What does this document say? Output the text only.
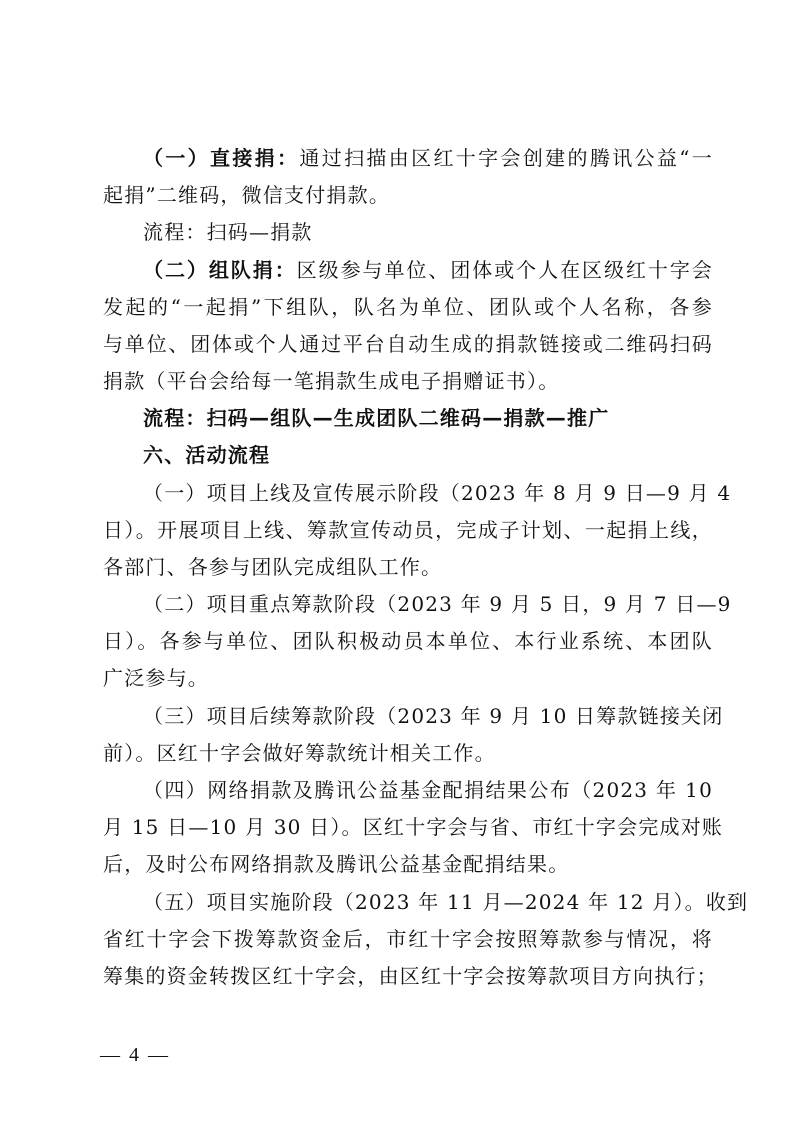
（一）直接捐：通过扫描由区红十字会创建的腾讯公益“一
起捐”二维码，微信支付捐款。
流程：扫码—捐款
（二）组队捐：区级参与单位、团体或个人在区级红十字会
发起的“一起捐”下组队，队名为单位、团队或个人名称，各参
与单位、团体或个人通过平台自动生成的捐款链接或二维码扫码
捐款（平台会给每一笔捐款生成电子捐赠证书）。
流程：扫码—组队—生成团队二维码—捐款—推广
六、活动流程
（一）项目上线及宣传展示阶段（2023 年 8 月 9 日—9 月 4
日）。开展项目上线、筹款宣传动员，完成子计划、一起捐上线，
各部门、各参与团队完成组队工作。
（二）项目重点筹款阶段（2023 年 9 月 5 日，9 月 7 日—9
日）。各参与单位、团队积极动员本单位、本行业系统、本团队
广泛参与。
（三）项目后续筹款阶段（2023 年 9 月 10 日筹款链接关闭
前）。区红十字会做好筹款统计相关工作。
（四）网络捐款及腾讯公益基金配捐结果公布（2023 年 10
月 15 日—10 月 30 日）。区红十字会与省、市红十字会完成对账
后，及时公布网络捐款及腾讯公益基金配捐结果。
（五）项目实施阶段（2023 年 11 月—2024 年 12 月）。收到
省红十字会下拨筹款资金后，市红十字会按照筹款参与情况，将
筹集的资金转拨区红十字会，由区红十字会按筹款项目方向执行；
— 4 —
